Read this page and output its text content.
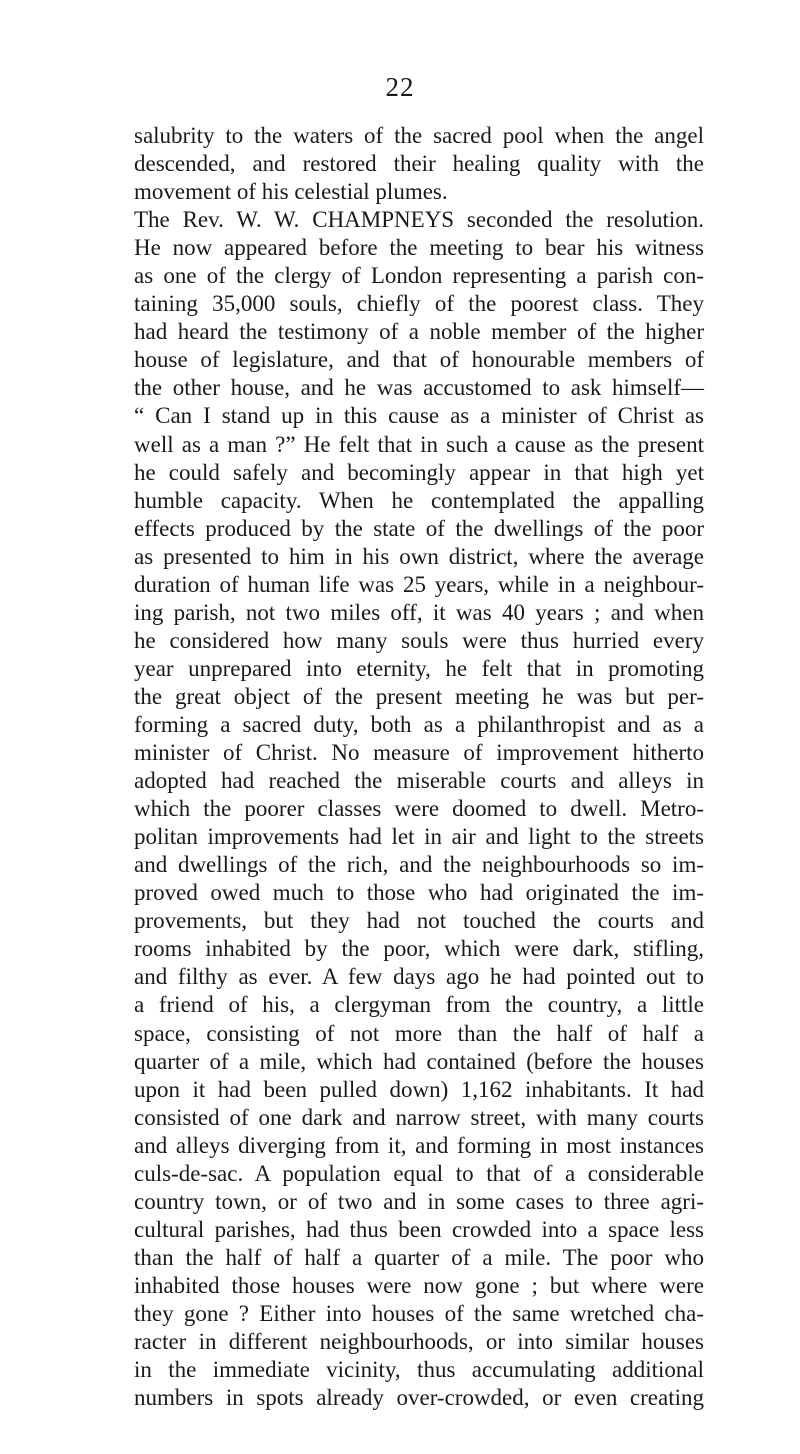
22
salubrity to the waters of the sacred pool when the angel
descended, and restored their healing quality with the
movement of his celestial plumes.
The Rev. W. W. CHAMPNEYS seconded the resolution.
He now appeared before the meeting to bear his witness
as one of the clergy of London representing a parish con-
taining 35,000 souls, chiefly of the poorest class. They
had heard the testimony of a noble member of the higher
house of legislature, and that of honourable members of
the other house, and he was accustomed to ask himself—
“ Can I stand up in this cause as a minister of Christ as
well as a man ?” He felt that in such a cause as the present
he could safely and becomingly appear in that high yet
humble capacity. When he contemplated the appalling
effects produced by the state of the dwellings of the poor
as presented to him in his own district, where the average
duration of human life was 25 years, while in a neighbour-
ing parish, not two miles off, it was 40 years ; and when
he considered how many souls were thus hurried every
year unprepared into eternity, he felt that in promoting
the great object of the present meeting he was but per-
forming a sacred duty, both as a philanthropist and as a
minister of Christ. No measure of improvement hitherto
adopted had reached the miserable courts and alleys in
which the poorer classes were doomed to dwell. Metro-
politan improvements had let in air and light to the streets
and dwellings of the rich, and the neighbourhoods so im-
proved owed much to those who had originated the im-
provements, but they had not touched the courts and
rooms inhabited by the poor, which were dark, stifling,
and filthy as ever. A few days ago he had pointed out to
a friend of his, a clergyman from the country, a little
space, consisting of not more than the half of half a
quarter of a mile, which had contained (before the houses
upon it had been pulled down) 1,162 inhabitants. It had
consisted of one dark and narrow street, with many courts
and alleys diverging from it, and forming in most instances
culs-de-sac. A population equal to that of a considerable
country town, or of two and in some cases to three agri-
cultural parishes, had thus been crowded into a space less
than the half of half a quarter of a mile. The poor who
inhabited those houses were now gone ; but where were
they gone ? Either into houses of the same wretched cha-
racter in different neighbourhoods, or into similar houses
in the immediate vicinity, thus accumulating additional
numbers in spots already over-crowded, or even creating
